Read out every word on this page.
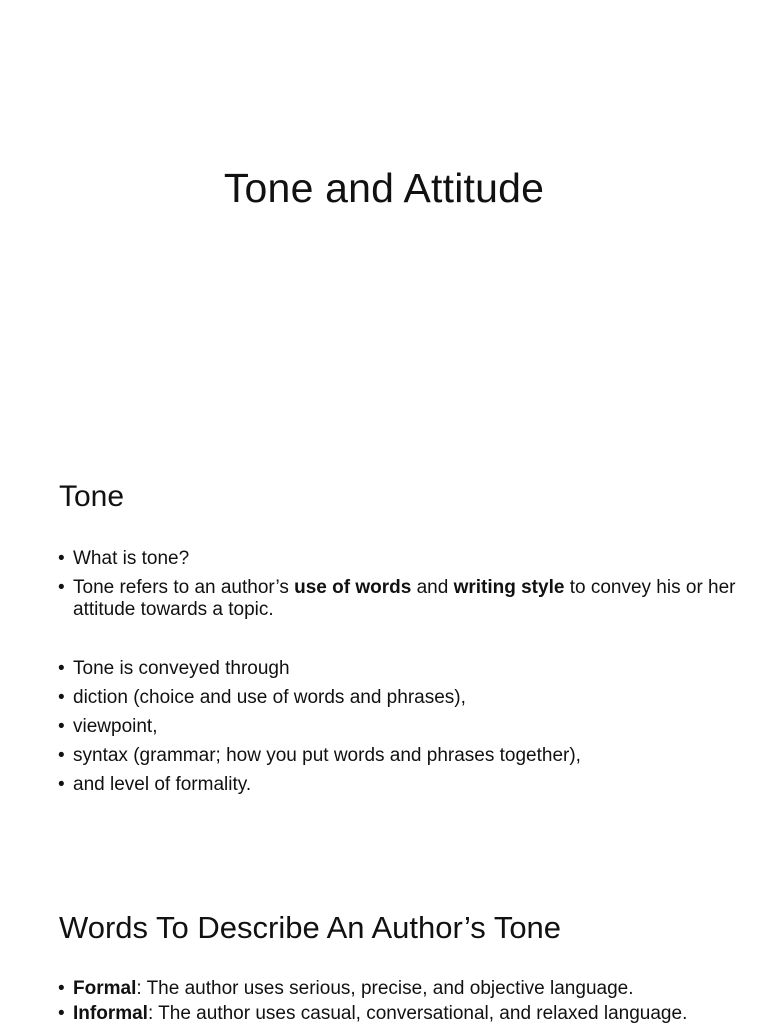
Tone and Attitude
Tone
• What is tone?
• Tone refers to an author’s use of words and writing style to convey his or her attitude towards a topic.
• Tone is conveyed through
• diction (choice and use of words and phrases),
• viewpoint,
• syntax (grammar; how you put words and phrases together),
• and level of formality.
Words To Describe An Author’s Tone
• Formal: The author uses serious, precise, and objective language.
• Informal: The author uses casual, conversational, and relaxed language.
